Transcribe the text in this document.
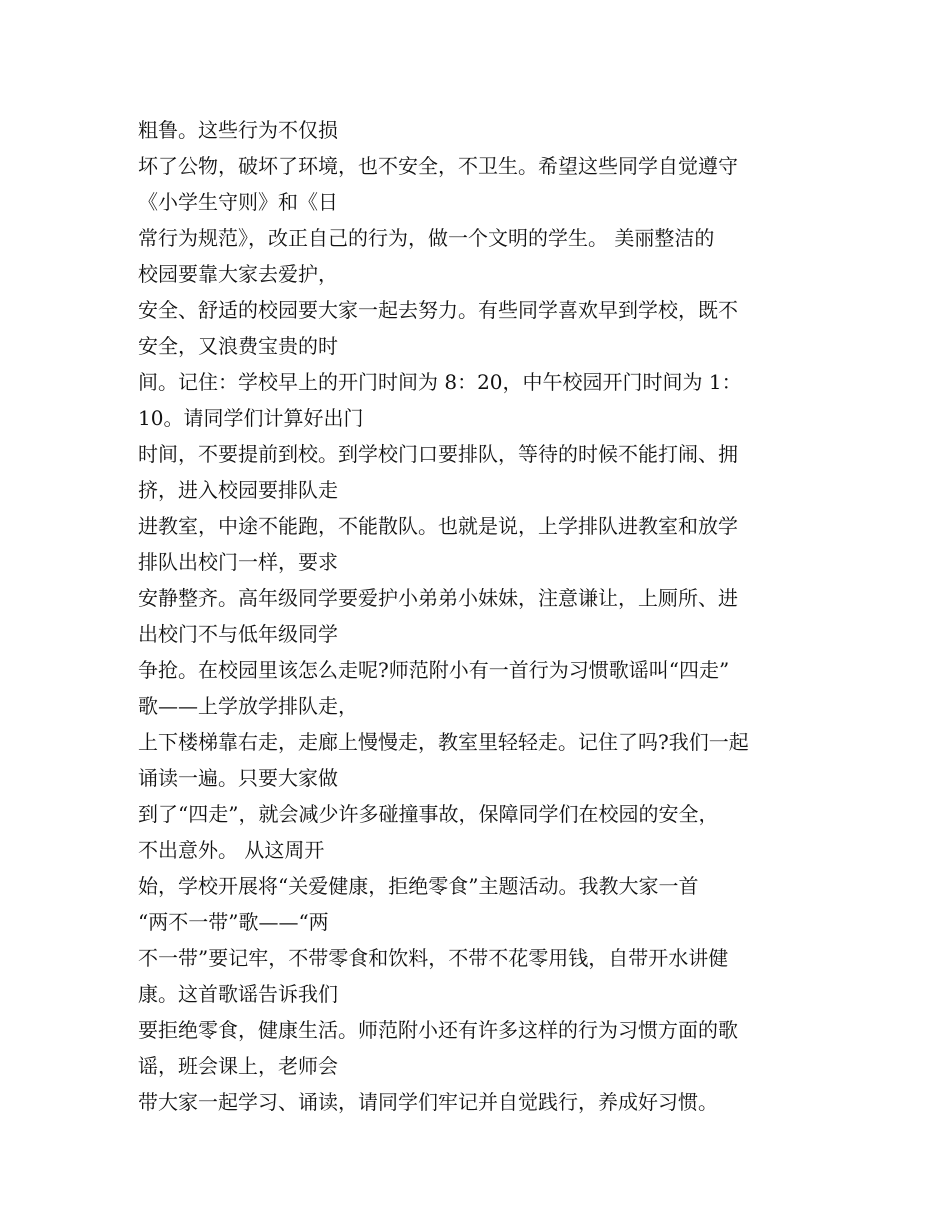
粗鲁。这些行为不仅损
坏了公物，破坏了环境，也不安全，不卫生。希望这些同学自觉遵守
《小学生守则》和《日
常行为规范》，改正自己的行为，做一个文明的学生。 美丽整洁的
校园要靠大家去爱护，
安全、舒适的校园要大家一起去努力。有些同学喜欢早到学校，既不
安全，又浪费宝贵的时
间。记住：学校早上的开门时间为 8：20，中午校园开门时间为 1：
10。请同学们计算好出门
时间，不要提前到校。到学校门口要排队，等待的时候不能打闹、拥
挤，进入校园要排队走
进教室，中途不能跑，不能散队。也就是说，上学排队进教室和放学
排队出校门一样，要求
安静整齐。高年级同学要爱护小弟弟小妹妹，注意谦让，上厕所、进
出校门不与低年级同学
争抢。在校园里该怎么走呢?师范附小有一首行为习惯歌谣叫“四走”
歌——上学放学排队走，
上下楼梯靠右走，走廊上慢慢走，教室里轻轻走。记住了吗?我们一起
诵读一遍。只要大家做
到了“四走”，就会减少许多碰撞事故，保障同学们在校园的安全，
不出意外。 从这周开
始，学校开展将“关爱健康，拒绝零食”主题活动。我教大家一首
“两不一带”歌——“两
不一带”要记牢，不带零食和饮料，不带不花零用钱，自带开水讲健
康。这首歌谣告诉我们
要拒绝零食，健康生活。师范附小还有许多这样的行为习惯方面的歌
谣，班会课上，老师会
带大家一起学习、诵读，请同学们牢记并自觉践行，养成好习惯。
